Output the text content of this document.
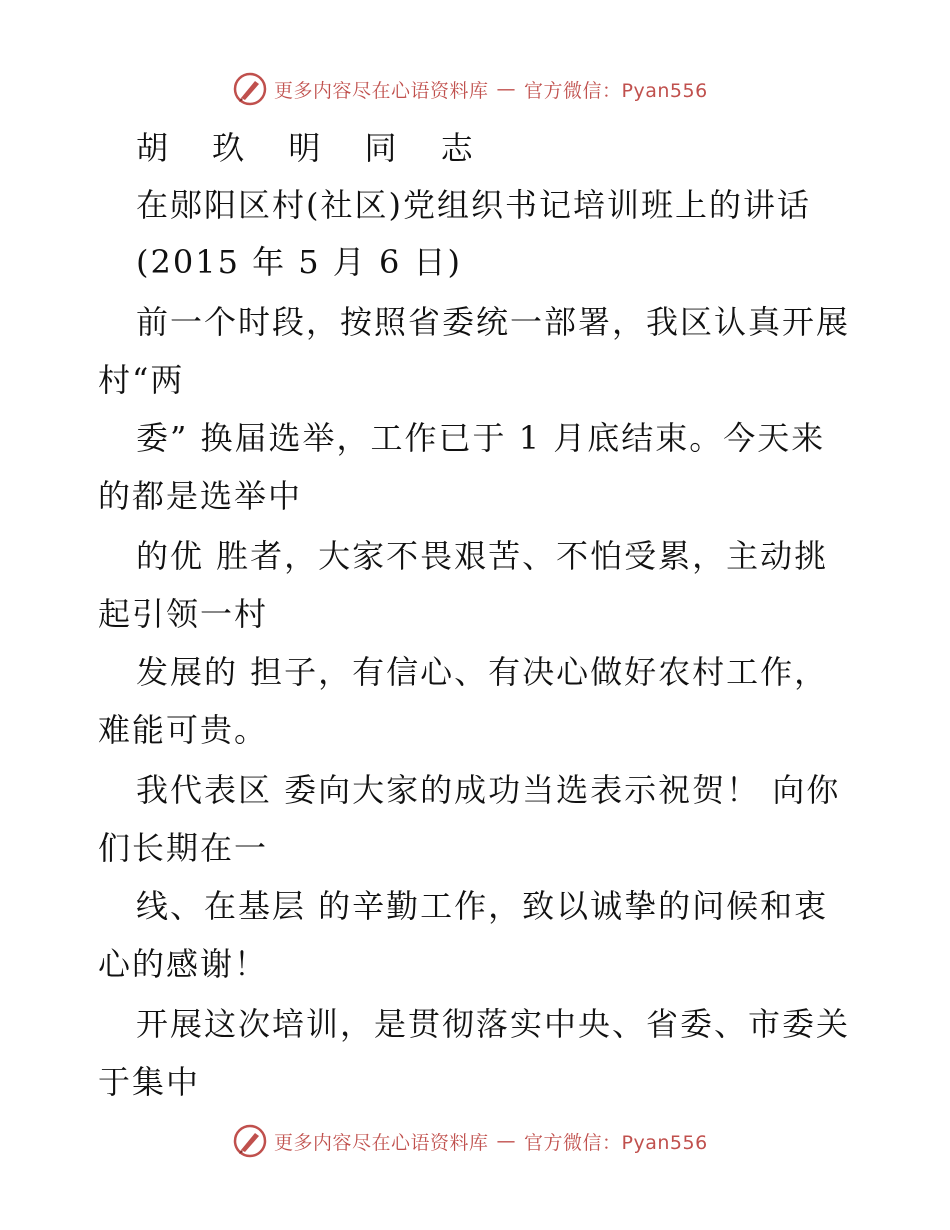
更多内容尽在心语资料库 — 官方微信：Pyan556
胡 玖 明 同 志
在郧阳区村(社区)党组织书记培训班上的讲话
(2015 年 5 月 6 日)
前一个时段，按照省委统一部署，我区认真开展
村“两
委” 换届选举，工作已于 1 月底结束。今天来
的都是选举中
的优 胜者，大家不畏艰苦、不怕受累，主动挑
起引领一村
发展的 担子，有信心、有决心做好农村工作，
难能可贵。
我代表区 委向大家的成功当选表示祝贺！ 向你
们长期在一
线、在基层 的辛勤工作，致以诚挚的问候和衷
心的感谢！
开展这次培训，是贯彻落实中央、省委、市委关
于集中
更多内容尽在心语资料库 — 官方微信：Pyan556
